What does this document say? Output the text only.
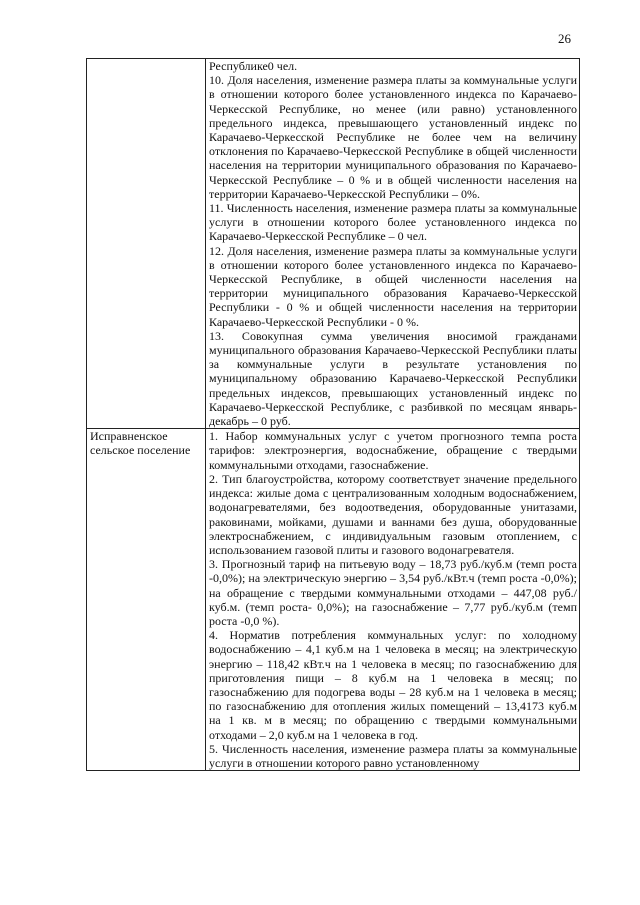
26

	Республике0 чел.

10. Доля населения, изменение размера платы за коммунальные услуги в отношении которого более установленного индекса по Карачаево-Черкесской Республике, но менее (или равно) установленного предельного индекса, превышающего установленный индекс по Карачаево-Черкесской Республике не более чем на величину отклонения по Карачаево-Черкесской Республике в общей численности населения на территории муниципального образования по Карачаево-Черкесской Республике – 0 % и в общей численности населения на территории Карачаево-Черкесской Республики – 0%.

11. Численность населения, изменение размера платы за коммунальные услуги в отношении которого более установленного индекса по Карачаево-Черкесской Республике – 0 чел.

12. Доля населения, изменение размера платы за коммунальные услуги в отношении которого более установленного индекса по Карачаево-Черкесской Республике, в общей численности населения на территории муниципального образования Карачаево-Черкесской Республики - 0 % и общей численности населения на территории Карачаево-Черкесской Республики - 0 %.

13. Совокупная сумма увеличения вносимой гражданами муниципального образования Карачаево-Черкесской Республики платы за коммунальные услуги в результате установления по муниципальному образованию Карачаево-Черкесской Республики предельных индексов, превышающих установленный индекс по Карачаево-Черкесской Республике, с разбивкой по месяцам январь-декабрь – 0 руб.

Исправненское сельское поселение	1. Набор коммунальных услуг с учетом прогнозного темпа роста тарифов: электроэнергия, водоснабжение, обращение с твердыми коммунальными отходами, газоснабжение.

2. Тип благоустройства, которому соответствует значение предельного индекса: жилые дома с централизованным холодным водоснабжением, водонагревателями, без водоотведения, оборудованные унитазами, раковинами, мойками, душами и ваннами без душа, оборудованные электроснабжением, с индивидуальным газовым отоплением, с использованием газовой плиты и газового водонагревателя.

3. Прогнозный тариф на питьевую воду – 18,73 руб./куб.м (темп роста -0,0%); на электрическую энергию – 3,54 руб./кВт.ч (темп роста -0,0%); на обращение с твердыми коммунальными отходами – 447,08 руб./куб.м. (темп роста- 0,0%); на газоснабжение – 7,77 руб./куб.м (темп роста -0,0 %).

4. Норматив потребления коммунальных услуг: по холодному водоснабжению – 4,1 куб.м на 1 человека в месяц; на электрическую энергию – 118,42 кВт.ч на 1 человека в месяц; по газоснабжению для приготовления пищи – 8 куб.м на 1 человека в месяц; по газоснабжению для подогрева воды – 28 куб.м на 1 человека в месяц; по газоснабжению для отопления жилых помещений – 13,4173 куб.м на 1 кв. м в месяц; по обращению с твердыми коммунальными отходами – 2,0 куб.м на 1 человека в год.

5. Численность населения, изменение размера платы за коммунальные услуги в отношении которого равно установленному
